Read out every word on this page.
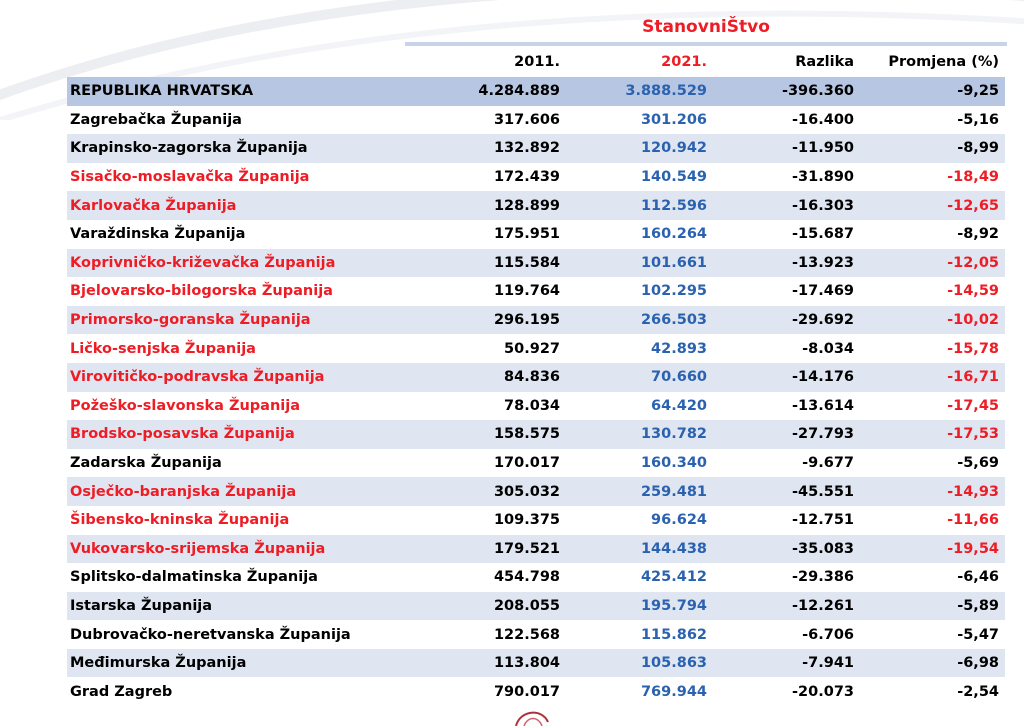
StanovniŠtvo
	2011.	2021.	Razlika	Promjena (%)
REPUBLIKA HRVATSKA	4.284.889	3.888.529	-396.360	-9,25
Zagrebačka Županija	317.606	301.206	-16.400	-5,16
Krapinsko-zagorska Županija	132.892	120.942	-11.950	-8,99
Sisačko-moslavačka Županija	172.439	140.549	-31.890	-18,49
Karlovačka Županija	128.899	112.596	-16.303	-12,65
Varaždinska Županija	175.951	160.264	-15.687	-8,92
Koprivničko-križevačka Županija	115.584	101.661	-13.923	-12,05
Bjelovarsko-bilogorska Županija	119.764	102.295	-17.469	-14,59
Primorsko-goranska Županija	296.195	266.503	-29.692	-10,02
Ličko-senjska Županija	50.927	42.893	-8.034	-15,78
Virovitičko-podravska Županija	84.836	70.660	-14.176	-16,71
Požeško-slavonska Županija	78.034	64.420	-13.614	-17,45
Brodsko-posavska Županija	158.575	130.782	-27.793	-17,53
Zadarska Županija	170.017	160.340	-9.677	-5,69
Osječko-baranjska Županija	305.032	259.481	-45.551	-14,93
Šibensko-kninska Županija	109.375	96.624	-12.751	-11,66
Vukovarsko-srijemska Županija	179.521	144.438	-35.083	-19,54
Splitsko-dalmatinska Županija	454.798	425.412	-29.386	-6,46
Istarska Županija	208.055	195.794	-12.261	-5,89
Dubrovačko-neretvanska Županija	122.568	115.862	-6.706	-5,47
Međimurska Županija	113.804	105.863	-7.941	-6,98
Grad Zagreb	790.017	769.944	-20.073	-2,54
